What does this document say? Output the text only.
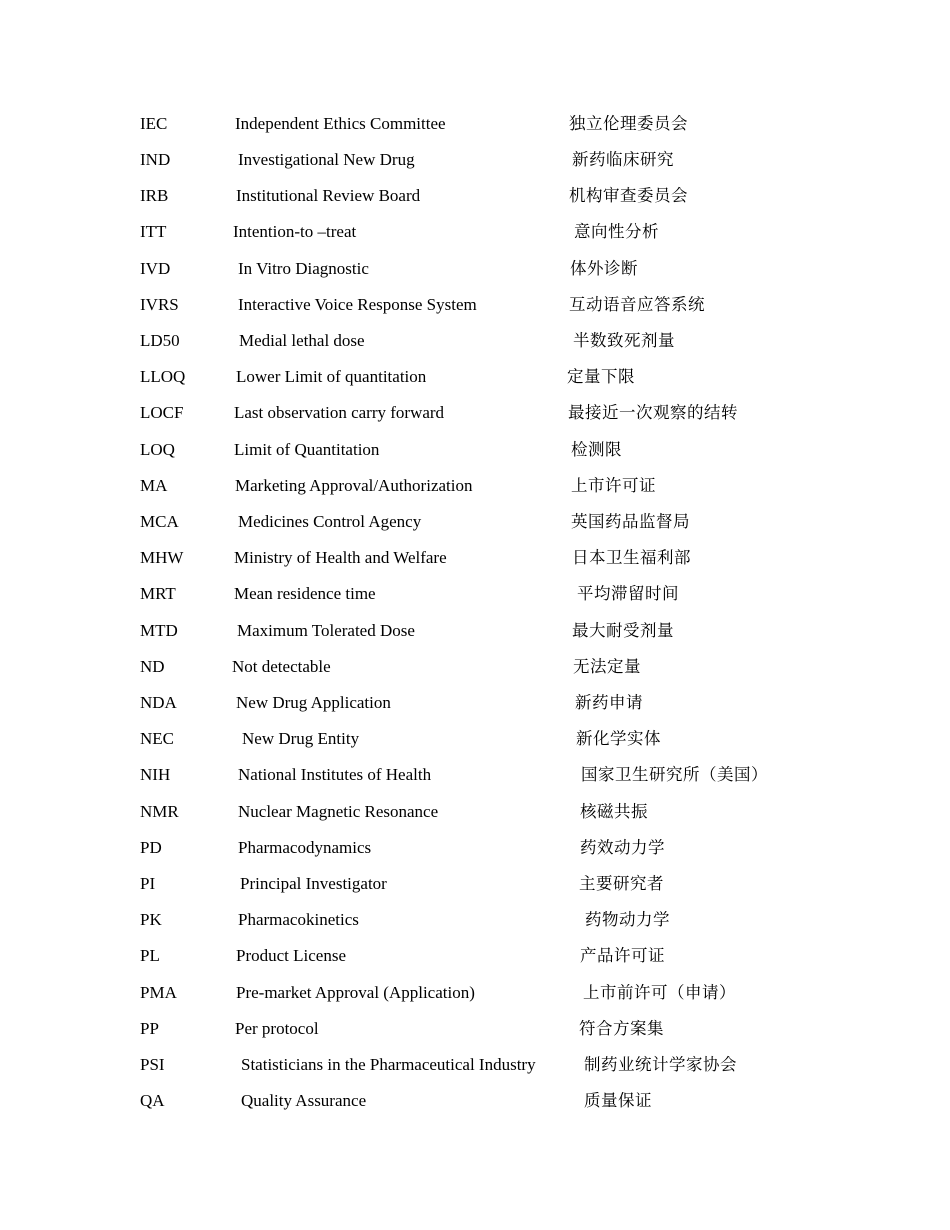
IEC	Independent Ethics Committee	独立伦理委员会
IND	Investigational New Drug	新药临床研究
IRB	Institutional Review Board	机构审查委员会
ITT	Intention-to –treat	意向性分析
IVD	In Vitro Diagnostic	体外诊断
IVRS	Interactive Voice Response System	互动语音应答系统
LD50	Medial lethal dose	半数致死剂量
LLOQ	Lower Limit of quantitation	定量下限
LOCF	Last observation carry forward	最接近一次观察的结转
LOQ	Limit of Quantitation	检测限
MA	Marketing Approval/Authorization	上市许可证
MCA	Medicines Control Agency	英国药品监督局
MHW	Ministry of Health and Welfare	日本卫生福利部
MRT	Mean residence time	平均滞留时间
MTD	Maximum Tolerated Dose	最大耐受剂量
ND	Not detectable	无法定量
NDA	New Drug Application	新药申请
NEC	New Drug Entity	新化学实体
NIH	National Institutes of Health	国家卫生研究所（美国）
NMR	Nuclear Magnetic Resonance	核磁共振
PD	Pharmacodynamics	药效动力学
PI	Principal Investigator	主要研究者
PK	Pharmacokinetics	药物动力学
PL	Product License	产品许可证
PMA	Pre-market Approval (Application)	上市前许可（申请）
PP	Per protocol	符合方案集
PSI	Statisticians in the Pharmaceutical Industry	制药业统计学家协会
QA	Quality Assurance	质量保证
